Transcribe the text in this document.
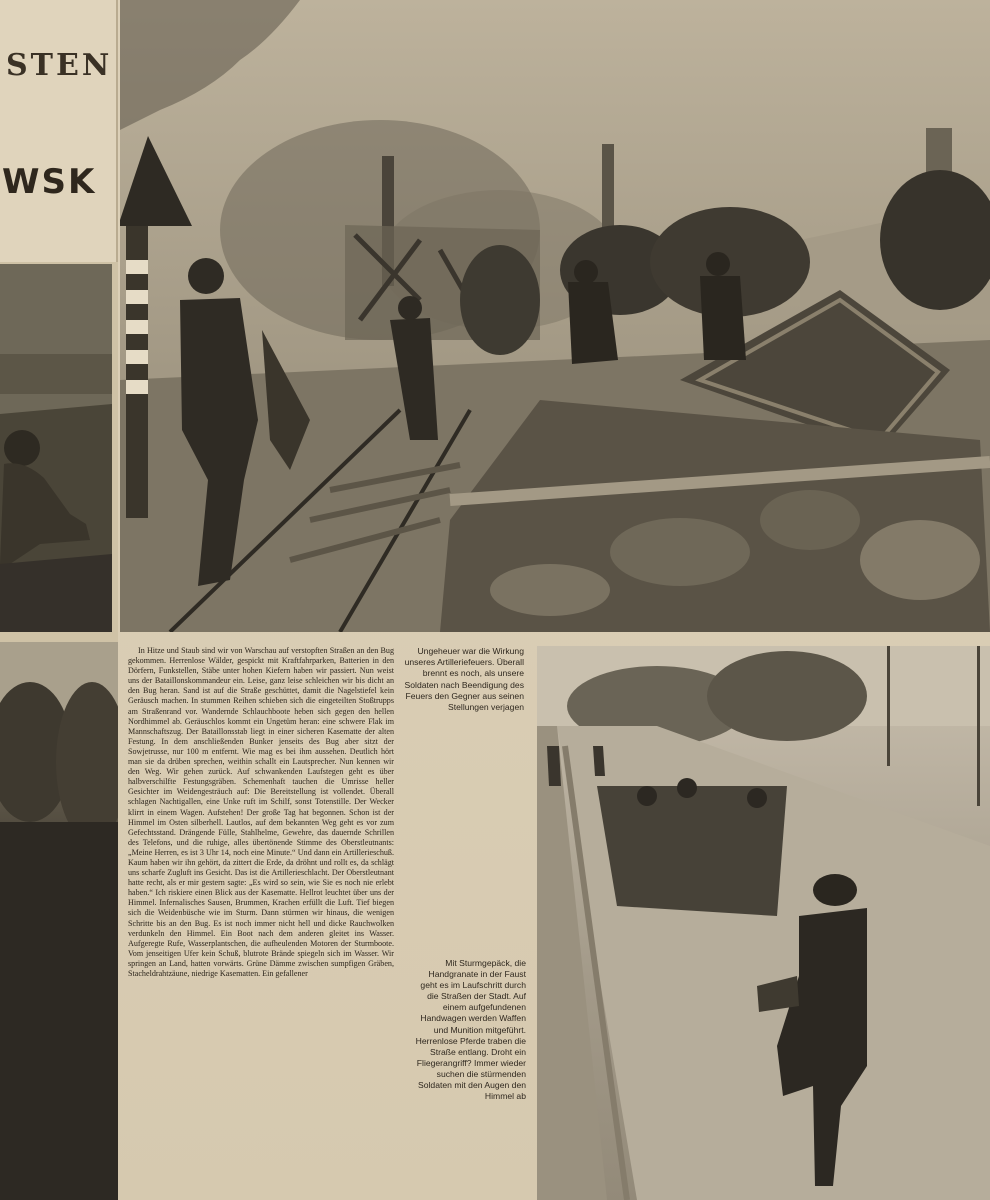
STEN
WSK

In Hitze und Staub sind wir von Warschau auf verstopften Straßen an den Bug gekommen. Herrenlose Wälder, gespickt mit Kraftfahrparken, Batterien in den Dörfern, Funkstellen, Stäbe unter hohen Kiefern haben wir passiert. Nun weist uns der Bataillonskommandeur ein. Leise, ganz leise schleichen wir bis dicht an den Bug heran. Sand ist auf die Straße geschüttet, damit die Nagelstiefel kein Geräusch machen. In stummen Reihen schieben sich die eingeteilten Stoßtrupps am Straßenrand vor. Wandernde Schlauchboote heben sich gegen den hellen Nordhimmel ab. Geräuschlos kommt ein Ungetüm heran: eine schwere Flak im Mannschaftszug. Der Bataillonsstab liegt in einer sicheren Kasematte der alten Festung. In dem anschließenden Bunker jenseits des Bug aber sitzt der Sowjetrusse, nur 100 m entfernt. Wie mag es bei ihm aussehen. Deutlich hört man sie da drüben sprechen, weithin schallt ein Lautsprecher. Nun kennen wir den Weg. Wir gehen zurück. Auf schwankenden Laufstegen geht es über halbverschilfte Festungsgräben. Schemenhaft tauchen die Umrisse heller Gesichter im Weidengesträuch auf: Die Bereitstellung ist vollendet. Überall schlagen Nachtigallen, eine Unke ruft im Schilf, sonst Totenstille. Der Wecker klirrt in einem Wagen. Aufstehen! Der große Tag hat begonnen. Schon ist der Himmel im Osten silberhell. Lautlos, auf dem bekannten Weg geht es vor zum Gefechtsstand. Drängende Fülle, Stahlhelme, Gewehre, das dauernde Schrillen des Telefons, und die ruhige, alles übertönende Stimme des Oberstleutnants: „Meine Herren, es ist 3 Uhr 14, noch eine Minute.“ Und dann ein Artillerieschuß. Kaum haben wir ihn gehört, da zittert die Erde, da dröhnt und rollt es, da schlägt uns scharfe Zugluft ins Gesicht. Das ist die Artillerieschlacht. Der Oberstleutnant hatte recht, als er mir gestern sagte: „Es wird so sein, wie Sie es noch nie erlebt haben.“ Ich riskiere einen Blick aus der Kasematte. Hellrot leuchtet über uns der Himmel. Infernalisches Sausen, Brummen, Krachen erfüllt die Luft. Tief biegen sich die Weidenbüsche wie im Sturm. Dann stürmen wir hinaus, die wenigen Schritte bis an den Bug. Es ist noch immer nicht hell und dicke Rauchwolken verdunkeln den Himmel. Ein Boot nach dem anderen gleitet ins Wasser. Aufgeregte Rufe, Wasserplantschen, die aufheulenden Motoren der Sturmboote. Vom jenseitigen Ufer kein Schuß, blutrote Brände spiegeln sich im Wasser. Wir springen an Land, hatten vorwärts. Grüne Dämme zwischen sumpfigen Gräben, Stacheldrahtzäune, niedrige Kasematten. Ein gefallener

Ungeheuer war die Wirkung unseres Artilleriefeuers. Überall brennt es noch, als unsere Soldaten nach Beendigung des Feuers den Gegner aus seinen Stellungen verjagen
Mit Sturmgepäck, die Handgranate in der Faust geht es im Laufschritt durch die Straßen der Stadt. Auf einem aufgefundenen Handwagen werden Waffen und Munition mitgeführt. Herrenlose Pferde traben die Straße entlang. Droht ein Fliegerangriff? Immer wieder suchen die stürmenden Soldaten mit den Augen den Himmel ab
